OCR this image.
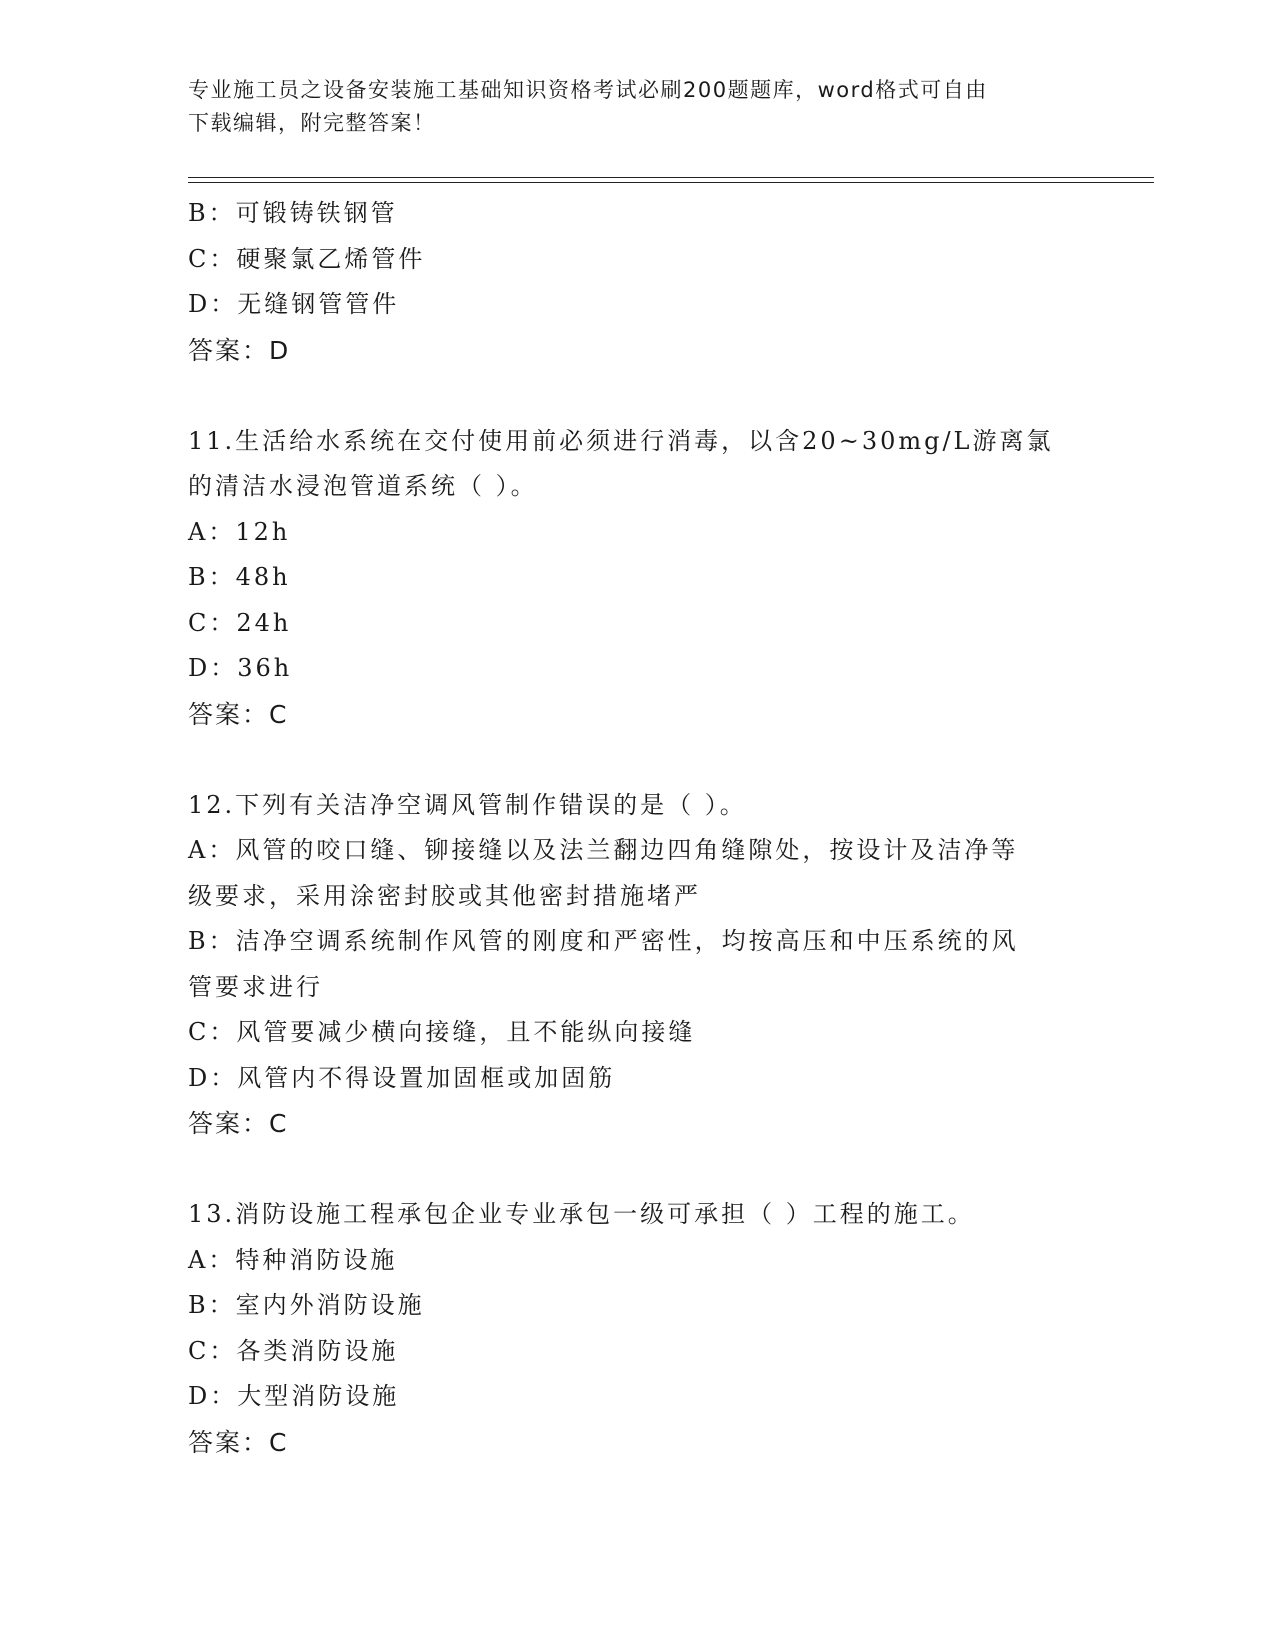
专业施工员之设备安装施工基础知识资格考试必刷200题题库，word格式可自由
下载编辑，附完整答案！
B：可锻铸铁钢管
C：硬聚氯乙烯管件
D：无缝钢管管件
答案：D
11.生活给水系统在交付使用前必须进行消毒，以含20~30mg/L游离氯
的清洁水浸泡管道系统（ ）。
A：12h
B：48h
C：24h
D：36h
答案：C
12.下列有关洁净空调风管制作错误的是（ ）。
A：风管的咬口缝、铆接缝以及法兰翻边四角缝隙处，按设计及洁净等
级要求，采用涂密封胶或其他密封措施堵严
B：洁净空调系统制作风管的刚度和严密性，均按高压和中压系统的风
管要求进行
C：风管要减少横向接缝，且不能纵向接缝
D：风管内不得设置加固框或加固筋
答案：C
13.消防设施工程承包企业专业承包一级可承担（ ）工程的施工。
A：特种消防设施
B：室内外消防设施
C：各类消防设施
D：大型消防设施
答案：C
